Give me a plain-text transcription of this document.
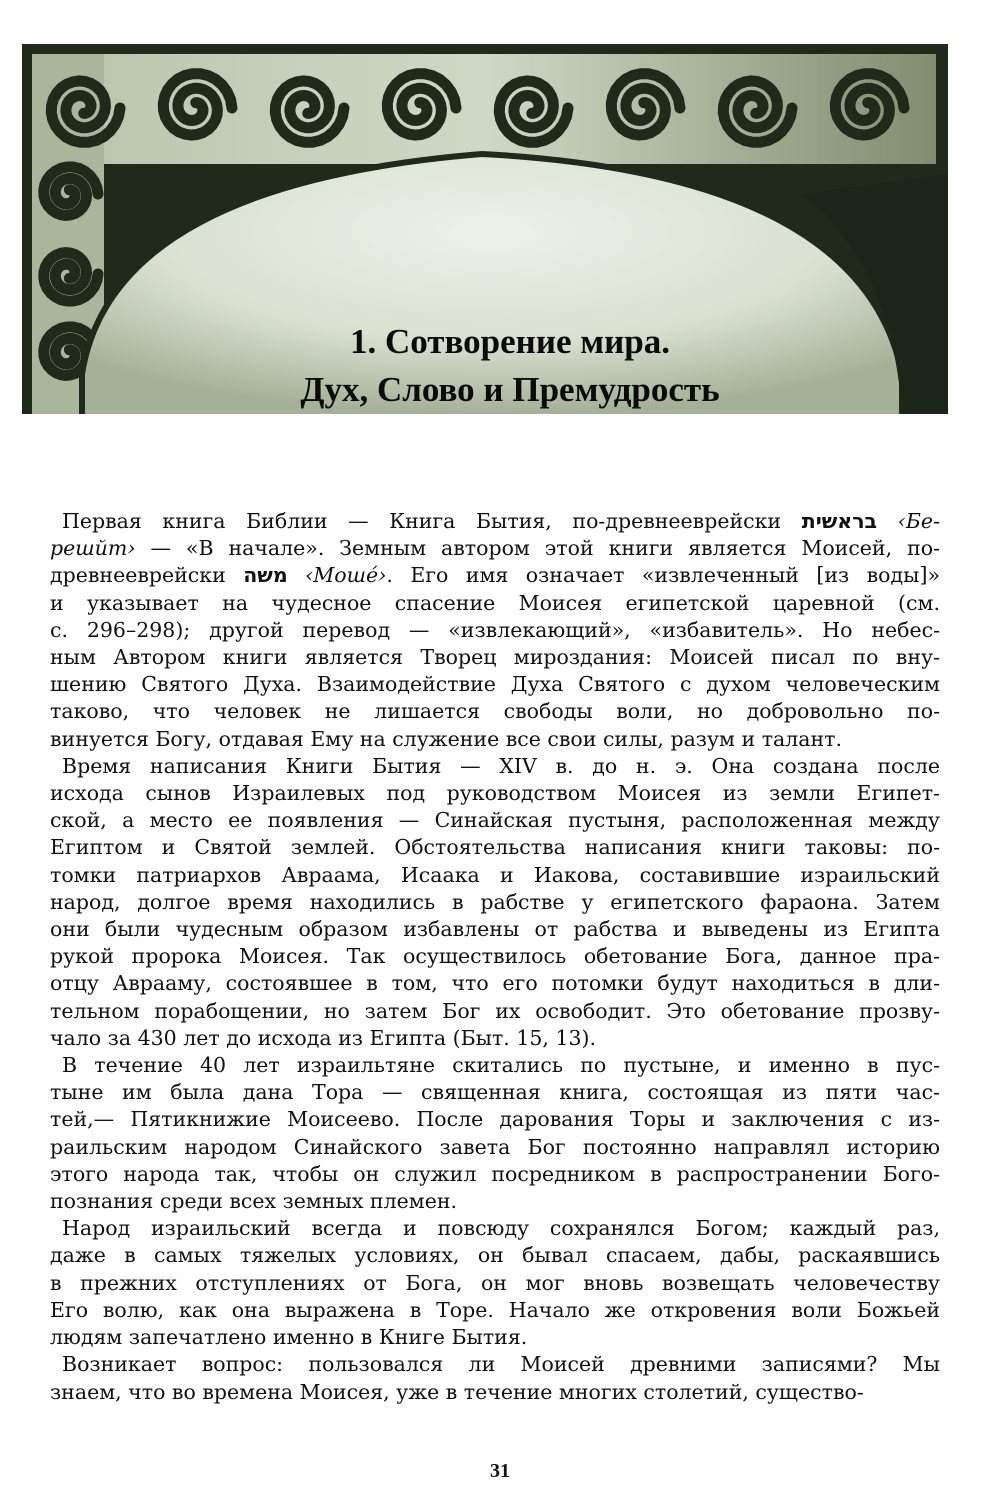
1. Сотворение мира.
Дух, Слово и Премудрость

Первая книга Библии — Книга Бытия, по-древнееврейски בראשית ‹Бе-
решйт› — «В начале». Земным автором этой книги является Моисей, по-
древнееврейски משה ‹Моше́›. Его имя означает «извлеченный [из воды]»
и указывает на чудесное спасение Моисея египетской царевной (см.
с. 296–298); другой перевод — «извлекающий», «избавитель». Но небес-
ным Автором книги является Творец мироздания: Моисей писал по вну-
шению Святого Духа. Взаимодействие Духа Святого с духом человеческим
таково, что человек не лишается свободы воли, но добровольно по-
винуется Богу, отдавая Ему на служение все свои силы, разум и талант.

Время написания Книги Бытия — XIV в. до н. э. Она создана после
исхода сынов Израилевых под руководством Моисея из земли Египет-
ской, а место ее появления — Синайская пустыня, расположенная между
Египтом и Святой землей. Обстоятельства написания книги таковы: по-
томки патриархов Авраама, Исаака и Иакова, составившие израильский
народ, долгое время находились в рабстве у египетского фараона. Затем
они были чудесным образом избавлены от рабства и выведены из Египта
рукой пророка Моисея. Так осуществилось обетование Бога, данное пра-
отцу Аврааму, состоявшее в том, что его потомки будут находиться в дли-
тельном порабощении, но затем Бог их освободит. Это обетование прозву-
чало за 430 лет до исхода из Египта (Быт. 15, 13).

В течение 40 лет израильтяне скитались по пустыне, и именно в пус-
тыне им была дана Тора — священная книга, состоящая из пяти час-
тей,— Пятикнижие Моисеево. После дарования Торы и заключения с из-
раильским народом Синайского завета Бог постоянно направлял историю
этого народа так, чтобы он служил посредником в распространении Бого-
познания среди всех земных племен.

Народ израильский всегда и повсюду сохранялся Богом; каждый раз,
даже в самых тяжелых условиях, он бывал спасаем, дабы, раскаявшись
в прежних отступлениях от Бога, он мог вновь возвещать человечеству
Его волю, как она выражена в Торе. Начало же откровения воли Божьей
людям запечатлено именно в Книге Бытия.

Возникает вопрос: пользовался ли Моисей древними записями? Мы
знаем, что во времена Моисея, уже в течение многих столетий, существо-

31
